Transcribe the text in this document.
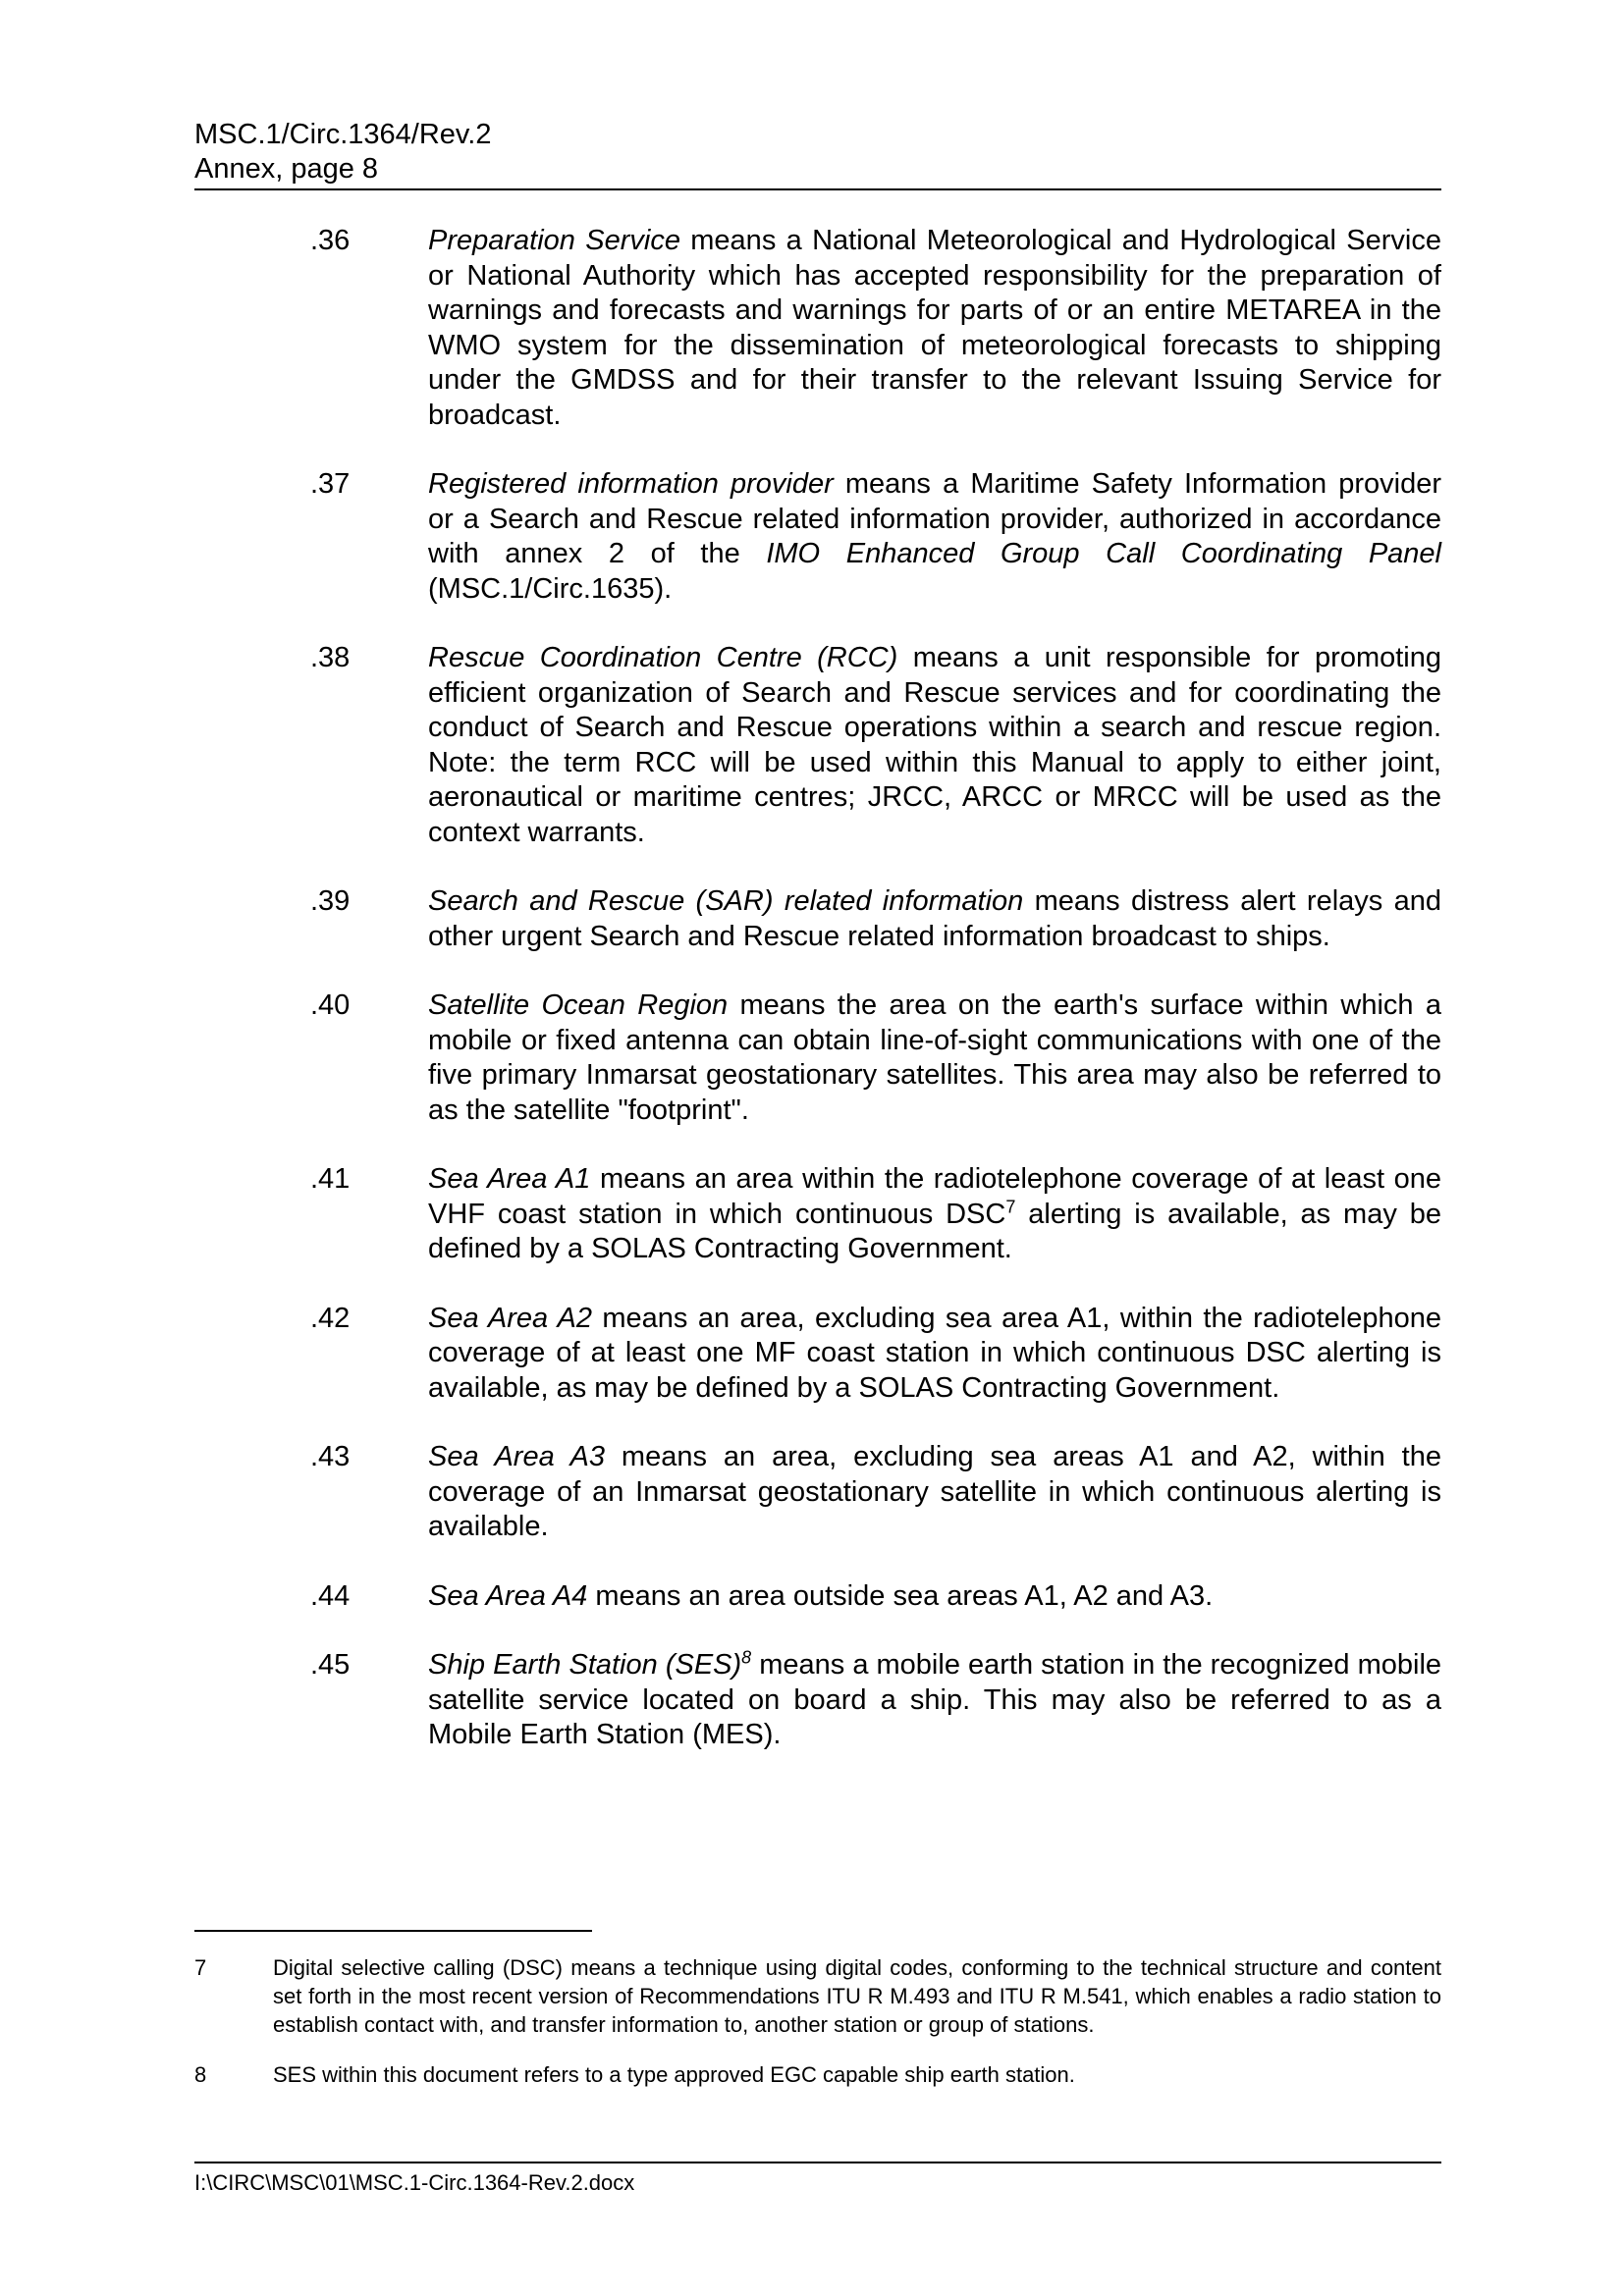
MSC.1/Circ.1364/Rev.2
Annex, page 8
.36	Preparation Service means a National Meteorological and Hydrological Service or National Authority which has accepted responsibility for the preparation of warnings and forecasts and warnings for parts of or an entire METAREA in the WMO system for the dissemination of meteorological forecasts to shipping under the GMDSS and for their transfer to the relevant Issuing Service for broadcast.
.37	Registered information provider means a Maritime Safety Information provider or a Search and Rescue related information provider, authorized in accordance with annex 2 of the IMO Enhanced Group Call Coordinating Panel (MSC.1/Circ.1635).
.38	Rescue Coordination Centre (RCC) means a unit responsible for promoting efficient organization of Search and Rescue services and for coordinating the conduct of Search and Rescue operations within a search and rescue region. Note: the term RCC will be used within this Manual to apply to either joint, aeronautical or maritime centres; JRCC, ARCC or MRCC will be used as the context warrants.
.39	Search and Rescue (SAR) related information means distress alert relays and other urgent Search and Rescue related information broadcast to ships.
.40	Satellite Ocean Region means the area on the earth's surface within which a mobile or fixed antenna can obtain line-of-sight communications with one of the five primary Inmarsat geostationary satellites. This area may also be referred to as the satellite "footprint".
.41	Sea Area A1 means an area within the radiotelephone coverage of at least one VHF coast station in which continuous DSC$^7$ alerting is available, as may be defined by a SOLAS Contracting Government.
.42	Sea Area A2 means an area, excluding sea area A1, within the radiotelephone coverage of at least one MF coast station in which continuous DSC alerting is available, as may be defined by a SOLAS Contracting Government.
.43	Sea Area A3 means an area, excluding sea areas A1 and A2, within the coverage of an Inmarsat geostationary satellite in which continuous alerting is available.
.44	Sea Area A4 means an area outside sea areas A1, A2 and A3.
.45	Ship Earth Station (SES)$^8$ means a mobile earth station in the recognized mobile satellite service located on board a ship. This may also be referred to as a Mobile Earth Station (MES).
7	Digital selective calling (DSC) means a technique using digital codes, conforming to the technical structure and content set forth in the most recent version of Recommendations ITU R M.493 and ITU R M.541, which enables a radio station to establish contact with, and transfer information to, another station or group of stations.
8	SES within this document refers to a type approved EGC capable ship earth station.
I:\CIRC\MSC\01\MSC.1-Circ.1364-Rev.2.docx
